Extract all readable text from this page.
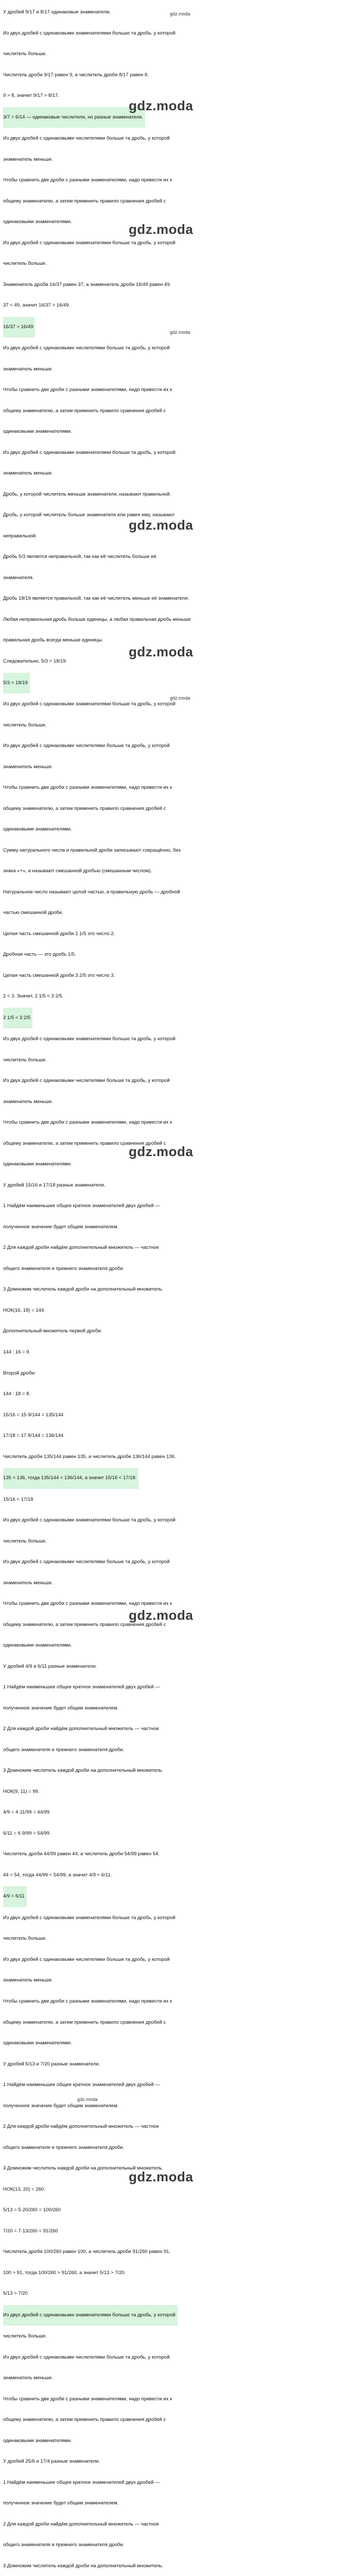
У дробей 9/17 и 8/17 одинаковые знаменатели.
Из двух дробей с одинаковыми знаменателями больше та дробь, у которой
числитель больше.
Числитель дроби 9/17 равен 9, а числитель дроби 8/17 равен 8.
9 > 8, значит 9/17 > 8/17.
3/7 = 6/14 — одинаковые числители, но разные знаменатели.
Из двух дробей с одинаковыми числителями больше та дробь, у которой
знаменатель меньше.
Чтобы сравнить две дроби с разными знаменателями, надо привести их к
общему знаменателю, а затем применить правило сравнения дробей с
одинаковыми знаменателями.
Из двух дробей с одинаковыми знаменателями больше та дробь, у которой
числитель больше.
Знаменатель дроби 16/37 равен 37, а знаменатель дроби 16/49 равен 49.
37 < 49, значит 16/37 > 16/49.
16/37 > 16/49
Из двух дробей с одинаковыми числителями больше та дробь, у которой
знаменатель меньше.
Чтобы сравнить две дроби с разными знаменателями, надо привести их к
общему знаменателю, а затем применить правило сравнения дробей с
одинаковыми знаменателями.
Из двух дробей с одинаковыми знаменателями больше та дробь, у которой
знаменатель меньше.
Дробь, у которой числитель меньше знаменателя, называют правильной.
Дробь, у которой числитель больше знаменателя или равен ему, называют
неправильной.
Дробь 5/3 является неправильной, так как её числитель больше её
знаменателя.
Дробь 18/19 является правильной, так как её числитель меньше её знаменателя.
Любая неправильная дробь больше единицы, а любая правильная дробь меньше
правильная дробь всегда меньше единицы.
Следовательно, 5/3 > 18/19.
5/3 > 18/19
Из двух дробей с одинаковыми знаменателями больше та дробь, у которой
числитель больше.
Из двух дробей с одинаковыми числителями больше та дробь, у которой
знаменатель меньше.
Чтобы сравнить две дроби с разными знаменателями, надо привести их к
общему знаменателю, а затем применить правило сравнения дробей с
одинаковыми знаменателями.
Сумму натурального числа и правильной дроби записывают сокращённо, без
знака «+», и называют смешанной дробью (смешанным числом).
Натуральное число называют целой частью, а правильную дробь — дробной
частью смешанной дроби.
Целая часть смешанной дроби 2 1/5 это число 2.
Дробная часть — это дробь 1/5.
Целая часть смешанной дроби 3 2/5 это число 3.
2 < 3. Значит, 2 1/5 < 3 2/5.
2 1/5 < 3 2/5
Из двух дробей с одинаковыми знаменателями больше та дробь, у которой
числитель больше.
Из двух дробей с одинаковыми числителями больше та дробь, у которой
знаменатель меньше.
Чтобы сравнить две дроби с разными знаменателями, надо привести их к
общему знаменателю, а затем применить правило сравнения дробей с
одинаковыми знаменателями.
У дробей 15/16 и 17/18 разные знаменатели.
1 Найдём наименьшее общее кратное знаменателей двух дробей —
полученное значение будет общим знаменателем.
2 Для каждой дроби найдём дополнительный множитель — частное
общего знаменателя и прежнего знаменателя дроби.
3 Домножим числитель каждой дроби на дополнительный множитель.
НОК(16, 18) = 144.
Дополнительный множитель первой дроби:
144 : 16 = 9.
Второй дроби:
144 : 18 = 8.
15/16 = 15·9/144 = 135/144
17/18 = 17·8/144 = 136/144
Числитель дроби 135/144 равен 135, а числитель дроби 136/144 равен 136.
135 < 136, тогда 135/144 < 136/144, а значит 15/16 < 17/18.
15/16 < 17/18
Из двух дробей с одинаковыми знаменателями больше та дробь, у которой
числитель больше.
Из двух дробей с одинаковыми числителями больше та дробь, у которой
знаменатель меньше.
Чтобы сравнить две дроби с разными знаменателями, надо привести их к
общему знаменателю, а затем применить правило сравнения дробей с
одинаковыми знаменателями.
У дробей 4/9 и 6/11 разные знаменатели.
1 Найдём наименьшее общее кратное знаменателей двух дробей —
полученное значение будет общим знаменателем.
2 Для каждой дроби найдём дополнительный множитель — частное
общего знаменателя и прежнего знаменателя дроби.
3 Домножим числитель каждой дроби на дополнительный множитель.
НОК(9, 11) = 99.
4/9 = 4·11/99 = 44/99
6/11 = 6·9/99 = 54/99
Числитель дроби 44/99 равен 44, а числитель дроби 54/99 равен 54.
44 < 54, тогда 44/99 < 54/99, а значит 4/9 < 6/11.
4/9 < 6/11
Из двух дробей с одинаковыми знаменателями больше та дробь, у которой
числитель больше.
Из двух дробей с одинаковыми числителями больше та дробь, у которой
знаменатель меньше.
Чтобы сравнить две дроби с разными знаменателями, надо привести их к
общему знаменателю, а затем применить правило сравнения дробей с
одинаковыми знаменателями.
У дробей 5/13 и 7/20 разные знаменатели.
1 Найдём наименьшее общее кратное знаменателей двух дробей —
полученное значение будет общим знаменателем.
2 Для каждой дроби найдём дополнительный множитель — частное
общего знаменателя и прежнего знаменателя дроби.
3 Домножим числитель каждой дроби на дополнительный множитель.
НОК(13, 20) = 260.
5/13 = 5·20/260 = 100/260
7/20 = 7·13/260 = 91/260
Числитель дроби 100/260 равен 100, а числитель дроби 91/260 равен 91.
100 > 91, тогда 100/260 > 91/260, а значит 5/13 > 7/20.
5/13 > 7/20
Из двух дробей с одинаковыми знаменателями больше та дробь, у которой
числитель больше.
Из двух дробей с одинаковыми числителями больше та дробь, у которой
знаменатель меньше.
Чтобы сравнить две дроби с разными знаменателями, надо привести их к
общему знаменателю, а затем применить правило сравнения дробей с
одинаковыми знаменателями.
У дробей 25/6 и 17/4 разные знаменатели.
1 Найдём наименьшее общее кратное знаменателей двух дробей —
полученное значение будет общим знаменателем.
2 Для каждой дроби найдём дополнительный множитель — частное
общего знаменателя и прежнего знаменателя дроби.
3 Домножим числитель каждой дроби на дополнительный множитель.
gdz.moda
gdz.moda
gdz.moda
gdz.moda
gdz.moda
gdz.moda
gdz.moda
gdz.moda
gdz.moda
gdz.moda
gdz.moda
